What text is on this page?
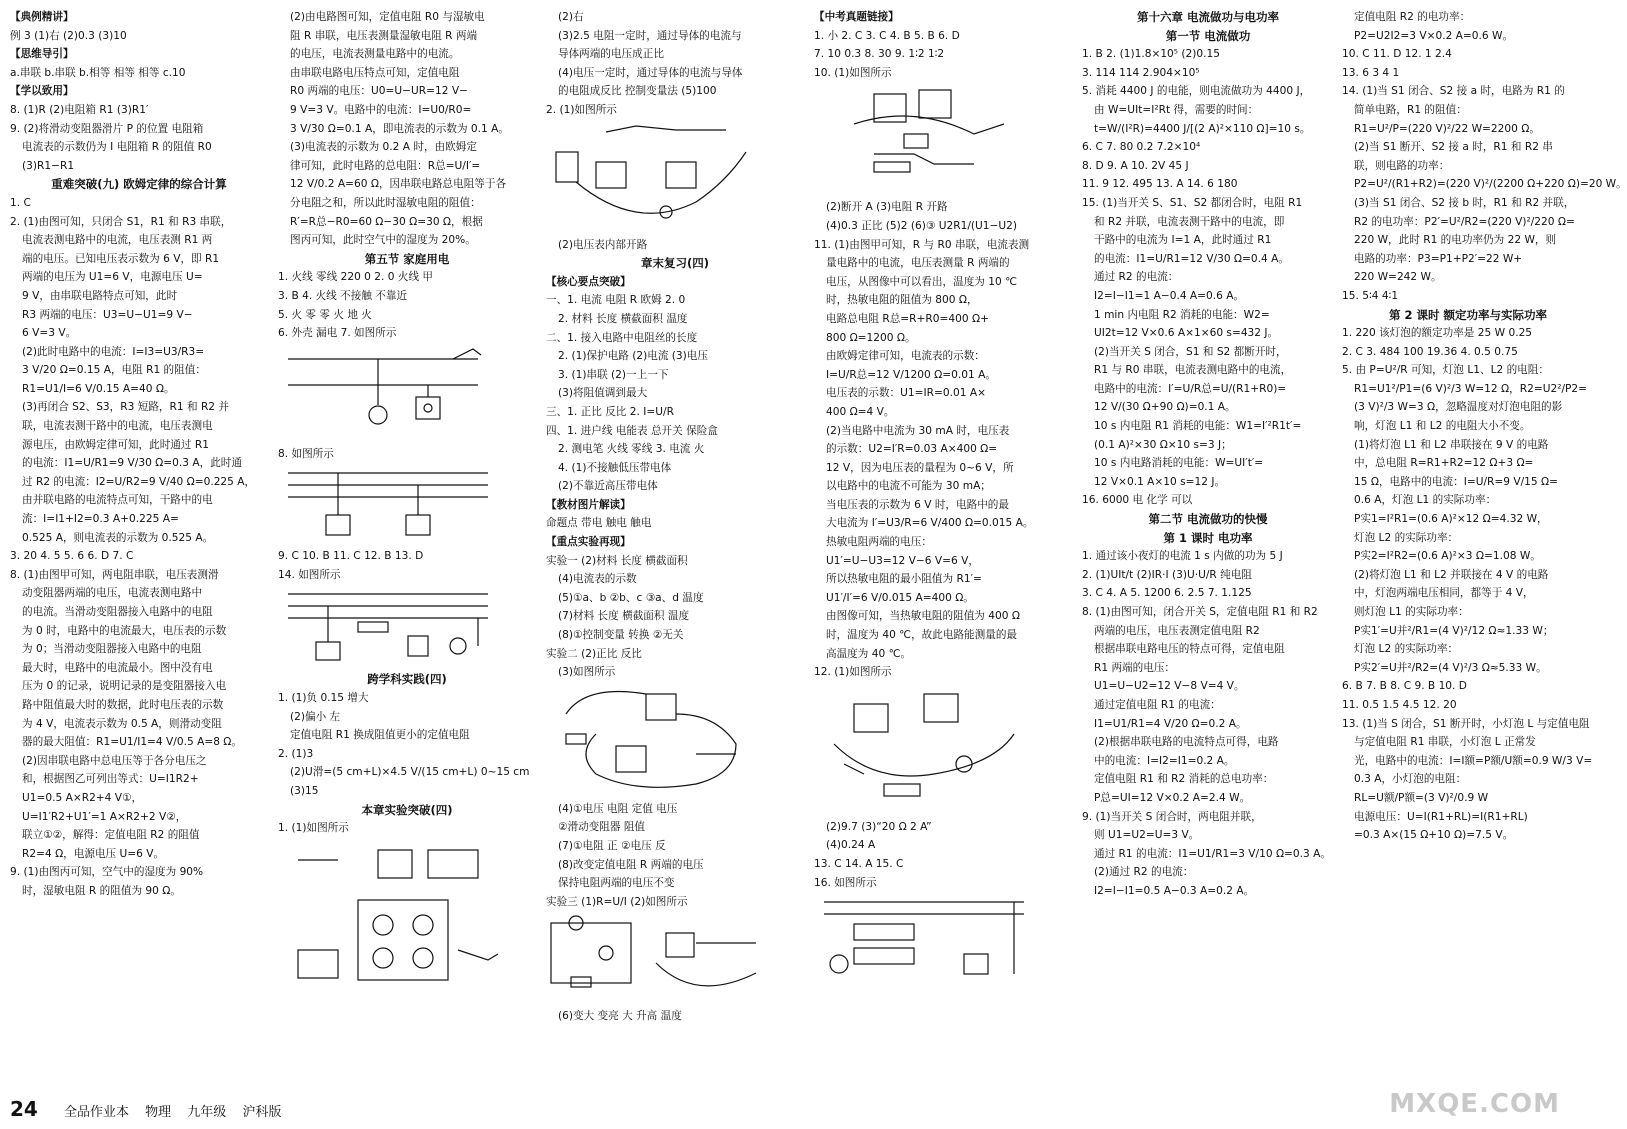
【典例精讲】
例 3 (1)右 (2)0.3 (3)10
【思维导引】
a.串联 b.串联 b.相等 相等 相等 c.10
【学以致用】
8. (1)R (2)电阻箱 R1 (3)R1′
9. (2)将滑动变阻器滑片 P 的位置 电阻箱
电流表的示数仍为 I 电阻箱 R 的阻值 R0
(3)R1−R1
重难突破(九) 欧姆定律的综合计算
1. C
2. (1)由图可知，只闭合 S1，R1 和 R3 串联，
电流表测电路中的电流，电压表测 R1 两
端的电压。已知电压表示数为 6 V，即 R1
两端的电压为 U1=6 V，电源电压 U=
9 V，由串联电路特点可知，此时
R3 两端的电压：U3=U−U1=9 V−
6 V=3 V。
(2)此时电路中的电流：I=I3=U3/R3=
3 V/20 Ω=0.15 A，电阻 R1 的阻值：
R1=U1/I=6 V/0.15 A=40 Ω。
(3)再闭合 S2、S3，R3 短路，R1 和 R2 并
联，电流表测干路中的电流，电压表测电
源电压，由欧姆定律可知，此时通过 R1
的电流：I1=U/R1=9 V/30 Ω=0.3 A，此时通
过 R2 的电流：I2=U/R2=9 V/40 Ω=0.225 A，
由并联电路的电流特点可知，干路中的电
流：I=I1+I2=0.3 A+0.225 A=
0.525 A，则电流表的示数为 0.525 A。
3. 20 4. 5 5. 6 6. D 7. C
8. (1)由图甲可知，两电阻串联，电压表测滑
动变阻器两端的电压，电流表测电路中
的电流。当滑动变阻器接入电路中的电阻
为 0 时，电路中的电流最大，电压表的示数
为 0；当滑动变阻器接入电路中的电阻
最大时，电路中的电流最小。图中没有电
压为 0 的记录，说明记录的是变阻器接入电
路中阻值最大时的数据，此时电压表的示数
为 4 V，电流表示数为 0.5 A，则滑动变阻
器的最大阻值：R1=U1/I1=4 V/0.5 A=8 Ω。
(2)因串联电路中总电压等于各分电压之
和，根据图乙可列出等式：U=I1R2+
U1=0.5 A×R2+4 V①，
U=I1′R2+U1′=1 A×R2+2 V②，
联立①②，解得：定值电阻 R2 的阻值
R2=4 Ω，电源电压 U=6 V。
9. (1)由图丙可知，空气中的湿度为 90%
时，湿敏电阻 R 的阻值为 90 Ω。
(2)由电路图可知，定值电阻 R0 与湿敏电
阻 R 串联，电压表测量湿敏电阻 R 两端
的电压，电流表测量电路中的电流。
由串联电路电压特点可知，定值电阻
R0 两端的电压：U0=U−UR=12 V−
9 V=3 V。电路中的电流：I=U0/R0=
3 V/30 Ω=0.1 A，即电流表的示数为 0.1 A。
(3)电流表的示数为 0.2 A 时，由欧姆定
律可知，此时电路的总电阻：R总=U/I′=
12 V/0.2 A=60 Ω，因串联电路总电阻等于各
分电阻之和，所以此时湿敏电阻的阻值：
R′=R总−R0=60 Ω−30 Ω=30 Ω，根据
图丙可知，此时空气中的湿度为 20%。
第五节 家庭用电
1. 火线 零线 220 0 2. 0 火线 甲
3. B 4. 火线 不接触 不靠近
5. 火 零 零 火 地 火
6. 外壳 漏电 7. 如图所示
8. 如图所示
9. C 10. B 11. C 12. B 13. D
14. 如图所示
跨学科实践(四)
1. (1)负 0.15 增大
(2)偏小 左
定值电阻 R1 换成阻值更小的定值电阻
2. (1)3
(2)U滑=(5 cm+L)×4.5 V/(15 cm+L) 0~15 cm
(3)15
本章实验突破(四)
1. (1)如图所示
(2)右
(3)2.5 电阻一定时，通过导体的电流与
导体两端的电压成正比
(4)电压一定时，通过导体的电流与导体
的电阻成反比 控制变量法 (5)100
2. (1)如图所示
(2)电压表内部开路
章末复习(四)
【核心要点突破】
一、1. 电流 电阻 R 欧姆 2. 0
2. 材料 长度 横截面积 温度
二、1. 接入电路中电阻丝的长度
2. (1)保护电路 (2)电流 (3)电压
3. (1)串联 (2)一上一下
(3)将阻值调到最大
三、1. 正比 反比 2. I=U/R
四、1. 进户线 电能表 总开关 保险盒
2. 测电笔 火线 零线 3. 电流 火
4. (1)不接触低压带电体
(2)不靠近高压带电体
【教材图片解读】
命题点 带电 触电 触电
【重点实验再现】
实验一 (2)材料 长度 横截面积
(4)电流表的示数
(5)①a、b ②b、c ③a、d 温度
(7)材料 长度 横截面积 温度
(8)①控制变量 转换 ②无关
实验二 (2)正比 反比
(3)如图所示
(4)①电压 电阻 定值 电压
②滑动变阻器 阻值
(7)①电阻 正 ②电压 反
(8)改变定值电阻 R 两端的电压
保持电阻两端的电压不变
实验三 (1)R=U/I (2)如图所示
(6)变大 变亮 大 升高 温度
【中考真题链接】
1. 小 2. C 3. C 4. B 5. B 6. D
7. 10 0.3 8. 30 9. 1∶2 1∶2
10. (1)如图所示
(2)断开 A (3)电阻 R 开路
(4)0.3 正比 (5)2 (6)③ U2R1/(U1−U2)
11. (1)由图甲可知，R 与 R0 串联，电流表测
量电路中的电流，电压表测量 R 两端的
电压，从图像中可以看出，温度为 10 ℃
时，热敏电阻的阻值为 800 Ω，
电路总电阻 R总=R+R0=400 Ω+
800 Ω=1200 Ω。
由欧姆定律可知，电流表的示数：
I=U/R总=12 V/1200 Ω=0.01 A。
电压表的示数：U1=IR=0.01 A×
400 Ω=4 V。
(2)当电路中电流为 30 mA 时，电压表
的示数：U2=I′R=0.03 A×400 Ω=
12 V，因为电压表的量程为 0~6 V，所
以电路中的电流不可能为 30 mA；
当电压表的示数为 6 V 时，电路中的最
大电流为 I′=U3/R=6 V/400 Ω=0.015 A。
热敏电阻两端的电压：
U1′=U−U3=12 V−6 V=6 V，
所以热敏电阻的最小阻值为 R1′=
U1′/I′=6 V/0.015 A=400 Ω。
由图像可知，当热敏电阻的阻值为 400 Ω
时，温度为 40 ℃，故此电路能测量的最
高温度为 40 ℃。
12. (1)如图所示
(2)9.7 (3)“20 Ω 2 A”
(4)0.24 A
13. C 14. A 15. C
16. 如图所示
第十六章 电流做功与电功率
第一节 电流做功
1. B 2. (1)1.8×10⁵ (2)0.15
3. 114 114 2.904×10⁵
5. 消耗 4400 J 的电能，则电流做功为 4400 J，
由 W=UIt=I²Rt 得，需要的时间：
t=W/(I²R)=4400 J/[(2 A)²×110 Ω]=10 s。
6. C 7. 80 0.2 7.2×10⁴
8. D 9. A 10. 2V 45 J
11. 9 12. 495 13. A 14. 6 180
15. (1)当开关 S、S1、S2 都闭合时，电阻 R1
和 R2 并联，电流表测干路中的电流，即
干路中的电流为 I=1 A，此时通过 R1
的电流：I1=U/R1=12 V/30 Ω=0.4 A。
通过 R2 的电流：
I2=I−I1=1 A−0.4 A=0.6 A。
1 min 内电阻 R2 消耗的电能：W2=
UI2t=12 V×0.6 A×1×60 s=432 J。
(2)当开关 S 闭合，S1 和 S2 都断开时，
R1 与 R0 串联，电流表测电路中的电流，
电路中的电流：I′=U/R总=U/(R1+R0)=
12 V/(30 Ω+90 Ω)=0.1 A。
10 s 内电阻 R1 消耗的电能：W1=I′²R1t′=
(0.1 A)²×30 Ω×10 s=3 J；
10 s 内电路消耗的电能：W=UI′t′=
12 V×0.1 A×10 s=12 J。
16. 6000 电 化学 可以
第二节 电流做功的快慢
第 1 课时 电功率
1. 通过该小夜灯的电流 1 s 内做的功为 5 J
2. (1)UIt/t (2)IR·I (3)U·U/R 纯电阻
3. C 4. A 5. 1200 6. 2.5 7. 1.125
8. (1)由图可知，闭合开关 S，定值电阻 R1 和 R2
两端的电压，电压表测定值电阻 R2
根据串联电路电压的特点可得，定值电阻
R1 两端的电压：
U1=U−U2=12 V−8 V=4 V。
通过定值电阻 R1 的电流：
I1=U1/R1=4 V/20 Ω=0.2 A。
(2)根据串联电路的电流特点可得，电路
中的电流：I=I2=I1=0.2 A。
定值电阻 R1 和 R2 消耗的总电功率：
P总=UI=12 V×0.2 A=2.4 W。
9. (1)当开关 S 闭合时，两电阻并联，
则 U1=U2=U=3 V。
通过 R1 的电流：I1=U1/R1=3 V/10 Ω=0.3 A。
(2)通过 R2 的电流：
I2=I−I1=0.5 A−0.3 A=0.2 A。
定值电阻 R2 的电功率：
P2=U2I2=3 V×0.2 A=0.6 W。
10. C 11. D 12. 1 2.4
13. 6 3 4 1
14. (1)当 S1 闭合、S2 接 a 时，电路为 R1 的
简单电路，R1 的阻值：
R1=U²/P=(220 V)²/22 W=2200 Ω。
(2)当 S1 断开、S2 接 a 时，R1 和 R2 串
联，则电路的功率：
P2=U²/(R1+R2)=(220 V)²/(2200 Ω+220 Ω)=20 W。
(3)当 S1 闭合、S2 接 b 时，R1 和 R2 并联，
R2 的电功率：P2′=U²/R2=(220 V)²/220 Ω=
220 W，此时 R1 的电功率仍为 22 W，则
电路的功率：P3=P1+P2′=22 W+
220 W=242 W。
15. 5∶4 4∶1
第 2 课时 额定功率与实际功率
1. 220 该灯泡的额定功率是 25 W 0.25
2. C 3. 484 100 19.36 4. 0.5 0.75
5. 由 P=U²/R 可知，灯泡 L1、L2 的电阻：
R1=U1²/P1=(6 V)²/3 W=12 Ω，R2=U2²/P2=
(3 V)²/3 W=3 Ω，忽略温度对灯泡电阻的影
响，灯泡 L1 和 L2 的电阻大小不变。
(1)将灯泡 L1 和 L2 串联接在 9 V 的电路
中，总电阻 R=R1+R2=12 Ω+3 Ω=
15 Ω，电路中的电流：I=U/R=9 V/15 Ω=
0.6 A，灯泡 L1 的实际功率：
P实1=I²R1=(0.6 A)²×12 Ω=4.32 W，
灯泡 L2 的实际功率：
P实2=I²R2=(0.6 A)²×3 Ω=1.08 W。
(2)将灯泡 L1 和 L2 并联接在 4 V 的电路
中，灯泡两端电压相同，都等于 4 V，
则灯泡 L1 的实际功率：
P实1′=U并²/R1=(4 V)²/12 Ω≈1.33 W；
灯泡 L2 的实际功率：
P实2′=U并²/R2=(4 V)²/3 Ω≈5.33 W。
6. B 7. B 8. C 9. B 10. D
11. 0.5 1.5 4.5 12. 20
13. (1)当 S 闭合，S1 断开时，小灯泡 L 与定值电阻
与定值电阻 R1 串联，小灯泡 L 正常发
光，电路中的电流：I=I额=P额/U额=0.9 W/3 V=
0.3 A，小灯泡的电阻：
RL=U额/P额=(3 V)²/0.9 W
电源电压：U=I(R1+RL)=I(R1+RL)
=0.3 A×(15 Ω+10 Ω)=7.5 V。
24 全品作业本 物理 九年级 沪科版	MXQE.COM
